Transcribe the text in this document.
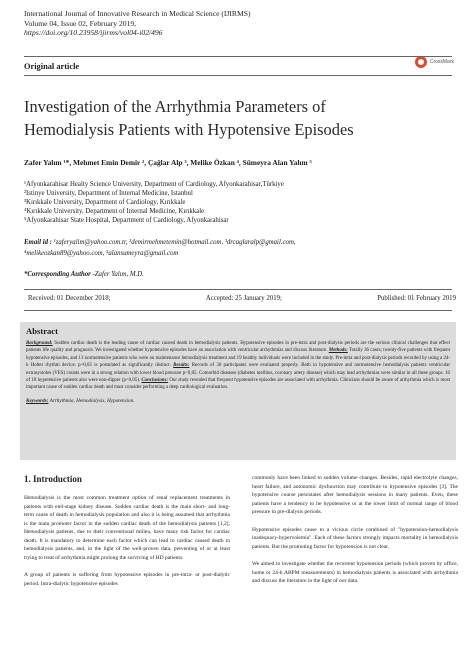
International Journal of Innovative Research in Medical Science (IJIRMS)
Volume 04, Issue 02, February 2019,
https://doi.org/10.23958/ijirms/vol04-i02/496
CrossMark
Original article
Investigation of the Arrhythmia Parameters of
Hemodialysis Patients with Hypotensive Episodes
Zafer Yalım ¹*, Mehmet Emin Demir ², Çağlar Alp ³, Melike Özkan ⁴, Sümeyra Alan Yalım ⁵
¹Afyonkarahisar Healty Science University, Department of Cardiology, Afyonkarahisar,Türkiye
²Istinye University, Department of Internal Medicine, Istanbul
³Kırıkkale University, Department of Cardiology, Kırıkkale
⁴Kırıkkale University, Department of Internal Medicine, Kırıkkale
⁵Afyonkarahisar State Hospital, Department of Cardiology, Afyonkarahisar
Email id : ¹zaferyalim@yahoo.com.tr, ²demirmehmetemin@hotmail.com, ³drcaglaralp@gmail.com,
⁴melikeozkan89@yahoo.com, ⁵alansumeyra@gmail.com
*Corresponding Author -Zafer Yalım, M.D.
Received: 01 December 2018;	Accepted: 25 January 2019;	Published: 01 February 2019
Abstract

Background: Sudden cardiac death is the leading cause of cardiac caused death in hemodialysis patients. Hypotensive episodes in pre-intra and post-dialysis periods are the serious clinical challenges that effect patients life quality and prognosis. We investigated whether hypotensive episodes have an association with ventricular arrhythmias and discuss literature. Methods: Totally 36 cases; twenty-five patients with frequent hypotensive episodes, and 13 normotensive patients who were on maintenance hemodialysis treatment and 19 healthy individuals were included in the study. Pre-intra and post-dialysis periods recorded by using a 24-h Holter rhythm device. p<0,05 is postulated as significantly distinct. Results: Records of 30 participants were evaluated properly. Both in hypotensive and normotensive hemodialysis patients ventricular extrasystoles (VES) counts were in a strong relation with lower blood pressure p<0,05. Comorbid diseases (diabetes mellitus, coronary artery disease) which may lead arrhythmias were similar in all three groups. 16 of 18 hypotensive patients also were non-dipper (p<0,05). Conclusions: Our study revealed that frequent hypotensive episodes are associated with arrhythmia. Clinicians should be aware of arrhythmia which is most important cause of sudden cardiac death and must consider performing a deep cardiological evaluation.

Keywords: Arrhythmia, Hemodialysis, Hypotension.

1. Introduction

Hemodialysis is the most common treatment option of renal replacement treatments in patients with end-stage kidney disease. Sudden cardiac death is the main short- and long-term cause of death in hemodialysis population and also it is being assumed that arrhythmia is the main promoter factor in the sudden cardiac death of the hemodialysis patients [1,2]. Hemodialysis patients, due to their conventional milieu, have many risk factor for cardiac death. It is mandatory to determine each factor which can lead to cardiac caused death in hemodialysis patients, and, in the light of the well-proven data, preventing of or at least trying to treat of arrhythmia might prolong the surviving of HD patients.

A group of patients is suffering from hypotensive episodes in pre-intra- or post-dialytic period. Intra-dialytic hypotensive episodes

commonly have been linked to sudden volume changes. Besides, rapid electrolyte changes, heart failure, and autonomic dysfunction may contribute to hypotensive episodes [3]. The hypotensive course persistates after hemodialysis sessions in many patients. Even, these patients have a tendency to be hypotensive or at the lower limit of normal range of blood pressure in pre-dialysis periods.

Hypotensive episodes cause to a vicious circle combined of "hypotension-hemodialysis inadequacy-hypervolemia". Each of these factors strongly impacts mortality in hemodialysis patients. But the promoting factor for hypotension is not clear.

We aimed to investigate whether the recurrent hypotension periods (which proven by office, home or 24-h ABPM measurements) in hemodialysis patients is associated with arrhythmia and discuss the literature in the light of our data.
